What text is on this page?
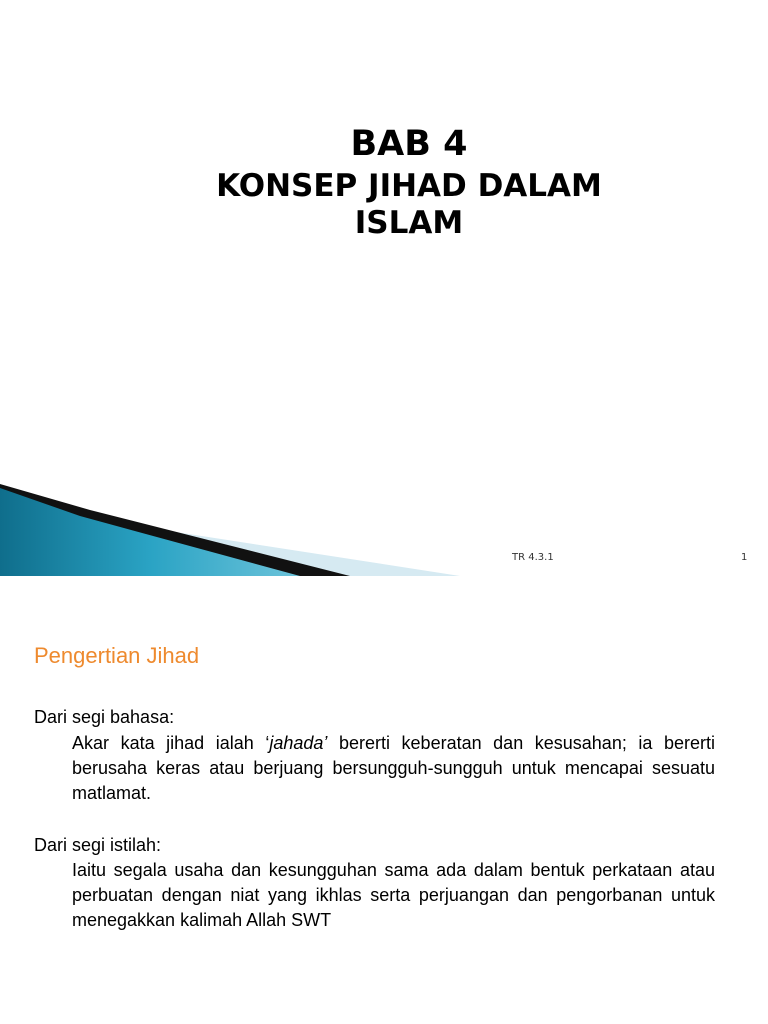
BAB 4
KONSEP JIHAD DALAM
ISLAM
TR 4.3.1	1
Pengertian Jihad
Dari segi bahasa:
Akar kata jihad ialah ‘jahada’ bererti keberatan dan kesusahan; ia bererti berusaha keras atau berjuang bersungguh-sungguh untuk mencapai sesuatu matlamat.
Dari segi istilah:
Iaitu segala usaha dan kesungguhan sama ada dalam bentuk perkataan atau perbuatan dengan niat yang ikhlas serta perjuangan dan pengorbanan untuk menegakkan kalimah Allah SWT
